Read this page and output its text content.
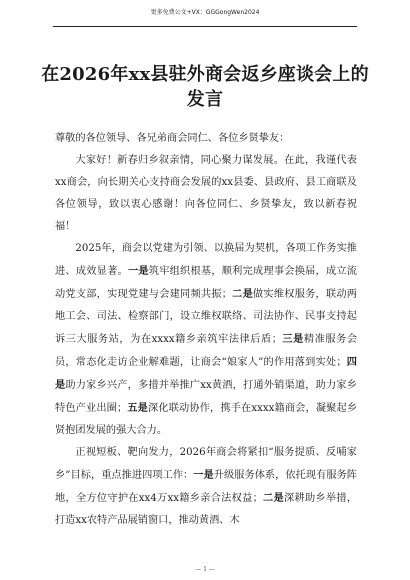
更多免费公文+VX：GGGongWen2024
在2026年xx县驻外商会返乡座谈会上的
发言

尊敬的各位领导、各兄弟商会同仁、各位乡贤挚友：

大家好！新春归乡叙亲情，同心聚力谋发展。在此，我谨代表xx商会，向长期关心支持商会发展的xx县委、县政府、县工商联及各位领导，致以衷心感谢！向各位同仁、乡贤挚友，致以新春祝福！

2025年，商会以党建为引领、以换届为契机，各项工作务实推进、成效显著。一是筑牢组织根基，顺利完成理事会换届，成立流动党支部，实现党建与会建同频共振；二是做实维权服务，联动两地工会、司法、检察部门，设立维权联络、司法协作、民事支持起诉三大服务站，为在xxxx籍乡亲筑牢法律后盾；三是精准服务会员，常态化走访企业解难题，让商会“娘家人”的作用落到实处；四是助力家乡兴产，多措并举推广xx黄酒，打通外销渠道，助力家乡特色产业出圈；五是深化联动协作，携手在xxxx籍商会，凝聚起乡贤抱团发展的强大合力。

正视短板、靶向发力，2026年商会将紧扣“服务提质、反哺家乡”目标，重点推进四项工作：一是升级服务体系，依托现有服务阵地，全方位守护在xx4万xx籍乡亲合法权益；二是深耕助乡举措，打造xx农特产品展销窗口，推动黄酒、木

— 1 —
